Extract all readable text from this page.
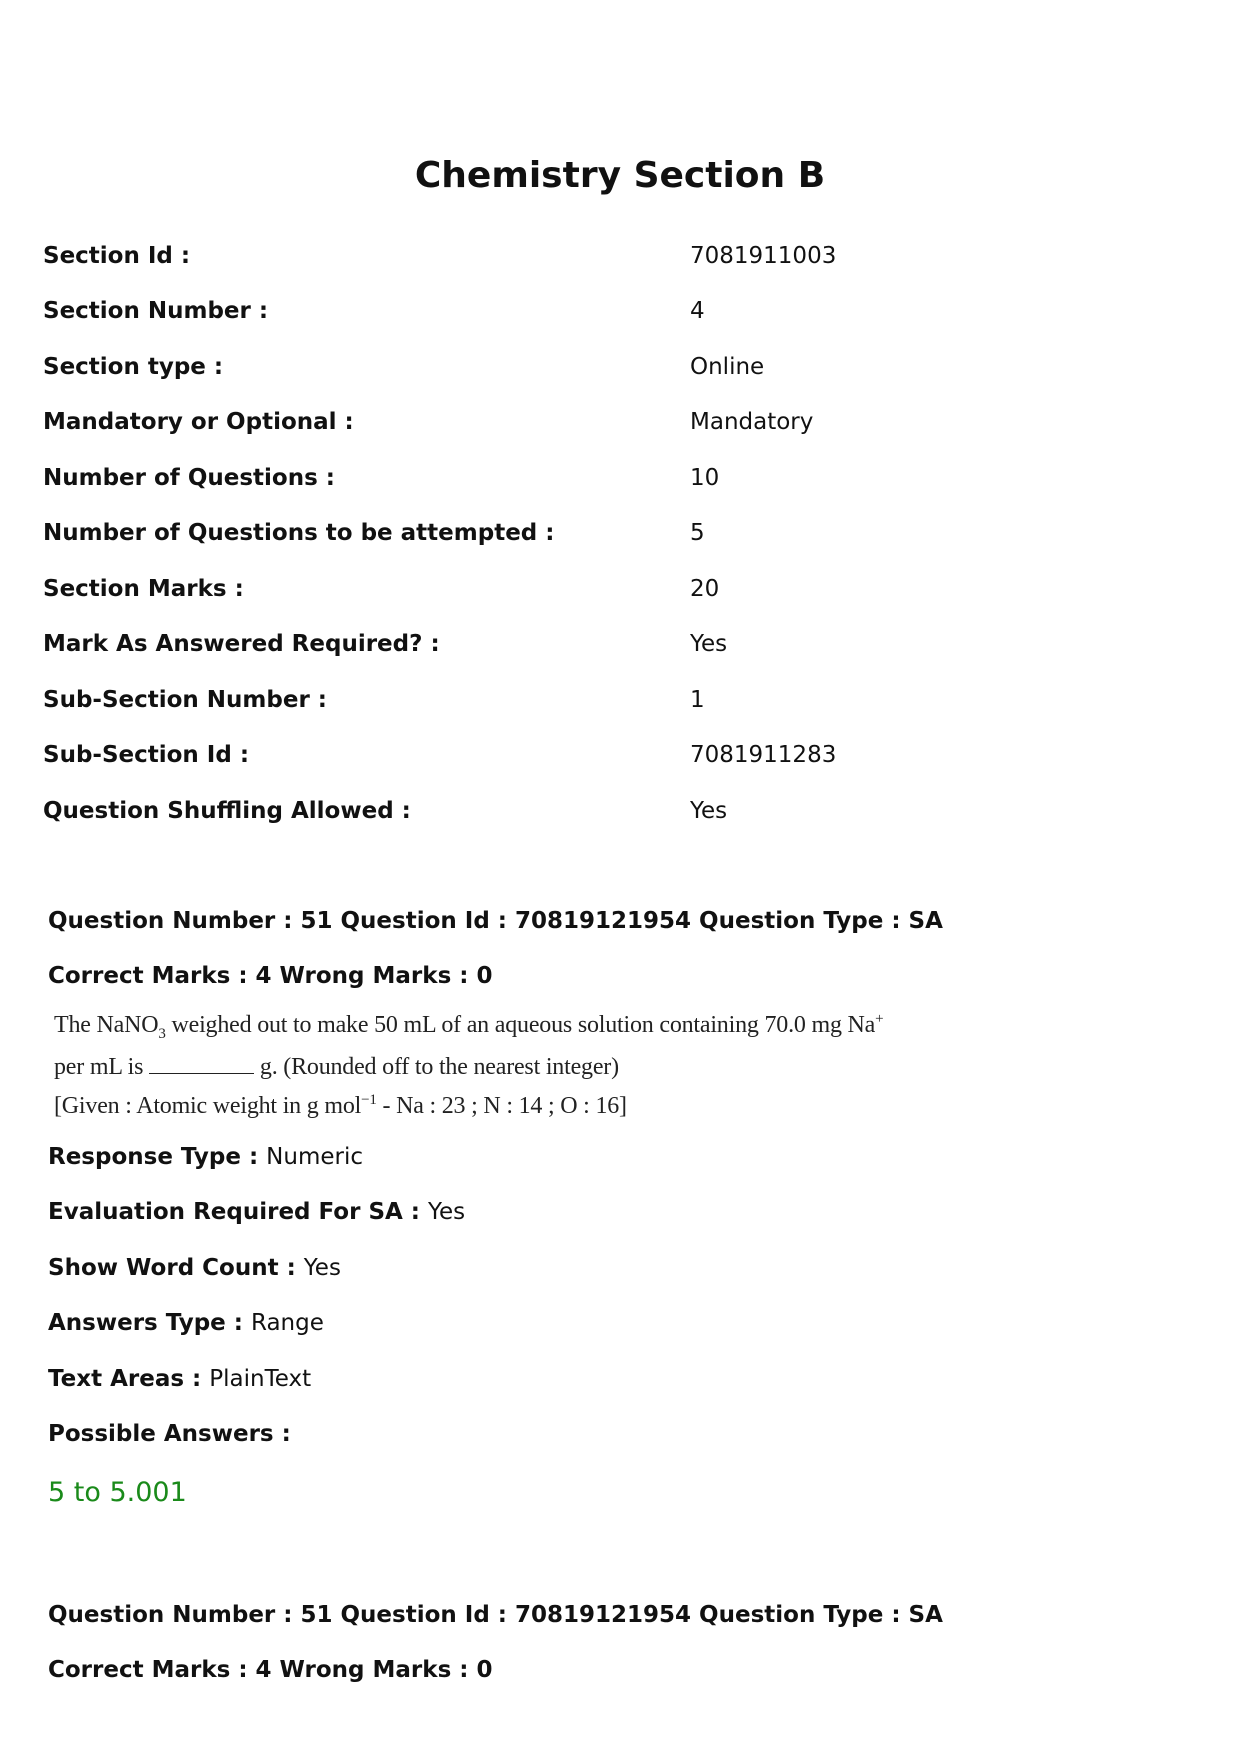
Chemistry Section B
Section Id :	7081911003
Section Number :	4
Section type :	Online
Mandatory or Optional :	Mandatory
Number of Questions :	10
Number of Questions to be attempted :	5
Section Marks :	20
Mark As Answered Required? :	Yes
Sub-Section Number :	1
Sub-Section Id :	7081911283
Question Shuffling Allowed :	Yes
Question Number : 51 Question Id : 70819121954 Question Type : SA
Correct Marks : 4 Wrong Marks : 0
The NaNO$_3$ weighed out to make 50 mL of an aqueous solution containing 70.0 mg Na+
per mL is	g. (Rounded off to the nearest integer)
[Given : Atomic weight in g mol$^{-1}$ - Na : 23 ; N : 14 ; O : 16]
Response Type : Numeric
Evaluation Required For SA : Yes
Show Word Count : Yes
Answers Type : Range
Text Areas : PlainText
Possible Answers :
5 to 5.001
Question Number : 51 Question Id : 70819121954 Question Type : SA
Correct Marks : 4 Wrong Marks : 0
